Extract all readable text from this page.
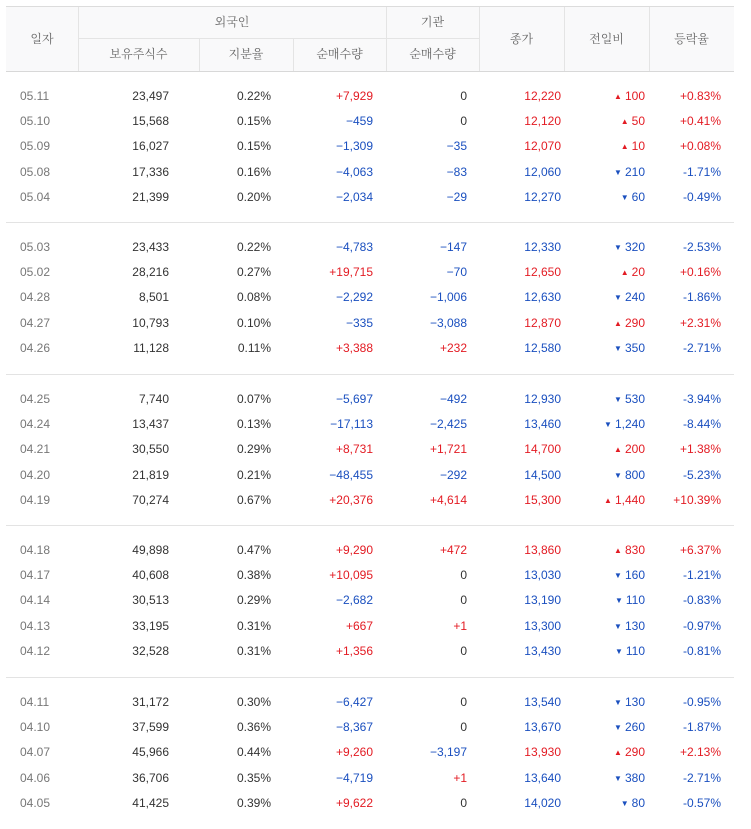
일자
외국인	기관
보유주식수	지분율	순매수량	순매수량
종가	전일비	등락율
05.11	23,497	0.22%	+7,929	0	12,220	▲ 100	+0.83%
05.10	15,568	0.15%	−459	0	12,120	▲ 50	+0.41%
05.09	16,027	0.15%	−1,309	−35	12,070	▲ 10	+0.08%
05.08	17,336	0.16%	−4,063	−83	12,060	▼ 210	-1.71%
05.04	21,399	0.20%	−2,034	−29	12,270	▼ 60	-0.49%
05.03	23,433	0.22%	−4,783	−147	12,330	▼ 320	-2.53%
05.02	28,216	0.27%	+19,715	−70	12,650	▲ 20	+0.16%
04.28	8,501	0.08%	−2,292	−1,006	12,630	▼ 240	-1.86%
04.27	10,793	0.10%	−335	−3,088	12,870	▲ 290	+2.31%
04.26	11,128	0.11%	+3,388	+232	12,580	▼ 350	-2.71%
04.25	7,740	0.07%	−5,697	−492	12,930	▼ 530	-3.94%
04.24	13,437	0.13%	−17,113	−2,425	13,460	▼ 1,240	-8.44%
04.21	30,550	0.29%	+8,731	+1,721	14,700	▲ 200	+1.38%
04.20	21,819	0.21%	−48,455	−292	14,500	▼ 800	-5.23%
04.19	70,274	0.67%	+20,376	+4,614	15,300	▲ 1,440 +10.39%
04.18	49,898	0.47%	+9,290	+472	13,860	▲ 830	+6.37%
04.17	40,608	0.38%	+10,095	0	13,030	▼ 160	-1.21%
04.14	30,513	0.29%	−2,682	0	13,190	▼ 110	-0.83%
04.13	33,195	0.31%	+667	+1	13,300	▼ 130	-0.97%
04.12	32,528	0.31%	+1,356	0	13,430	▼ 110	-0.81%
04.11	31,172	0.30%	−6,427	0	13,540	▼ 130	-0.95%
04.10	37,599	0.36%	−8,367	0	13,670	▼ 260	-1.87%
04.07	45,966	0.44%	+9,260	−3,197	13,930	▲ 290	+2.13%
04.06	36,706	0.35%	−4,719	+1	13,640	▼ 380	-2.71%
04.05	41,425	0.39%	+9,622	0	14,020	▼ 80	-0.57%
